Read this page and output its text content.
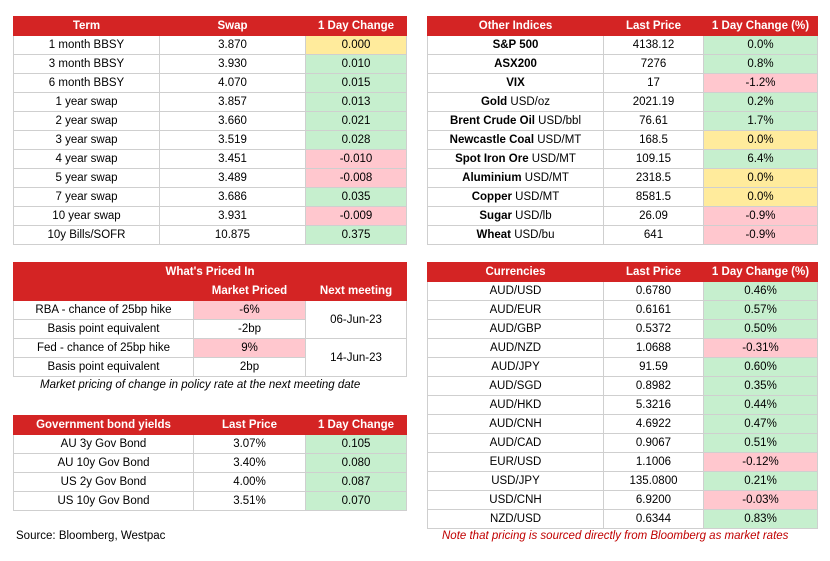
Term	Swap	1 Day Change
1 month BBSY	3.870	0.000
3 month BBSY	3.930	0.010
6 month BBSY	4.070	0.015
1 year swap	3.857	0.013
2 year swap	3.660	0.021
3 year swap	3.519	0.028
4 year swap	3.451	-0.010
5 year swap	3.489	-0.008
7 year swap	3.686	0.035
10 year swap	3.931	-0.009
10y Bills/SOFR	10.875	0.375
Other Indices	Last Price	1 Day Change (%)
S&P 500	4138.12	0.0%
ASX200	7276	0.8%
VIX	17	-1.2%
Gold USD/oz	2021.19	0.2%
Brent Crude Oil USD/bbl	76.61	1.7%
Newcastle Coal USD/MT	168.5	0.0%
Spot Iron Ore USD/MT	109.15	6.4%
Aluminium USD/MT	2318.5	0.0%
Copper USD/MT	8581.5	0.0%
Sugar USD/lb	26.09	-0.9%
Wheat USD/bu	641	-0.9%
What's Priced In		
	Market Priced	Next meeting
RBA - chance of 25bp hike	-6%	06-Jun-23
Basis point equivalent	-2bp	
Fed - chance of 25bp hike	9%	14-Jun-23
Basis point equivalent	2bp	
Market pricing of change in policy rate at the next meeting date
Government bond yields	Last Price	1 Day Change
AU 3y Gov Bond	3.07%	0.105
AU 10y Gov Bond	3.40%	0.080
US 2y Gov Bond	4.00%	0.087
US 10y Gov Bond	3.51%	0.070
Currencies	Last Price	1 Day Change (%)
AUD/USD	0.6780	0.46%
AUD/EUR	0.6161	0.57%
AUD/GBP	0.5372	0.50%
AUD/NZD	1.0688	-0.31%
AUD/JPY	91.59	0.60%
AUD/SGD	0.8982	0.35%
AUD/HKD	5.3216	0.44%
AUD/CNH	4.6922	0.47%
AUD/CAD	0.9067	0.51%
EUR/USD	1.1006	-0.12%
USD/JPY	135.0800	0.21%
USD/CNH	6.9200	-0.03%
NZD/USD	0.6344	0.83%
Source: Bloomberg, Westpac	Note that pricing is sourced directly from Bloomberg as market rates
